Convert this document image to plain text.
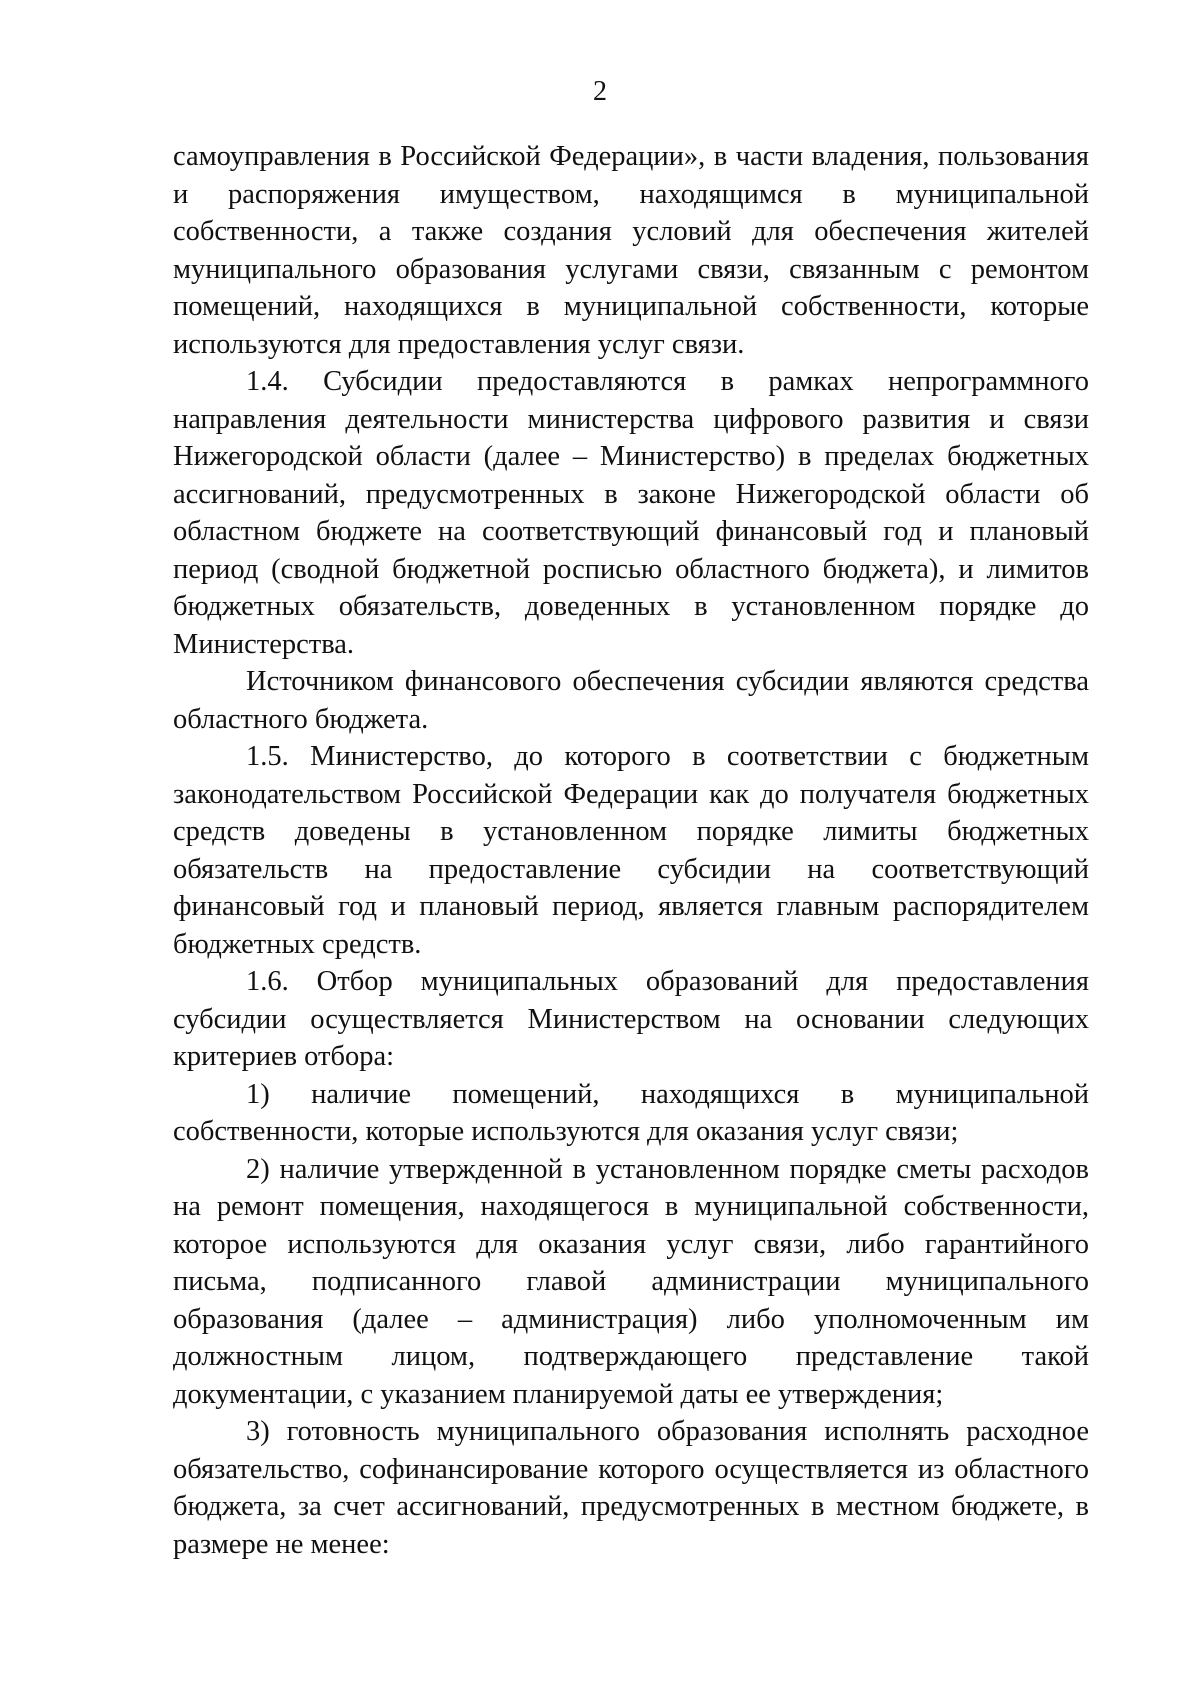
2

самоуправления в Российской Федерации», в части владения, пользования и распоряжения имуществом, находящимся в муниципальной собственности, а также создания условий для обеспечения жителей муниципального образования услугами связи, связанным с ремонтом помещений, находящихся в муниципальной собственности, которые используются для предоставления услуг связи.

1.4. Субсидии предоставляются в рамках непрограммного направления деятельности министерства цифрового развития и связи Нижегородской области (далее – Министерство) в пределах бюджетных ассигнований, предусмотренных в законе Нижегородской области об областном бюджете на соответствующий финансовый год и плановый период (сводной бюджетной росписью областного бюджета), и лимитов бюджетных обязательств, доведенных в установленном порядке до Министерства.

Источником финансового обеспечения субсидии являются средства областного бюджета.

1.5. Министерство, до которого в соответствии с бюджетным законодательством Российской Федерации как до получателя бюджетных средств доведены в установленном порядке лимиты бюджетных обязательств на предоставление субсидии на соответствующий финансовый год и плановый период, является главным распорядителем бюджетных средств.

1.6. Отбор муниципальных образований для предоставления субсидии осуществляется Министерством на основании следующих критериев отбора:

1) наличие помещений, находящихся в муниципальной собственности, которые используются для оказания услуг связи;

2) наличие утвержденной в установленном порядке сметы расходов на ремонт помещения, находящегося в муниципальной собственности, которое используются для оказания услуг связи, либо гарантийного письма, подписанного главой администрации муниципального образования (далее – администрация) либо уполномоченным им должностным лицом, подтверждающего представление такой документации, с указанием планируемой даты ее утверждения;

3) готовность муниципального образования исполнять расходное обязательство, софинансирование которого осуществляется из областного бюджета, за счет ассигнований, предусмотренных в местном бюджете, в размере не менее:
